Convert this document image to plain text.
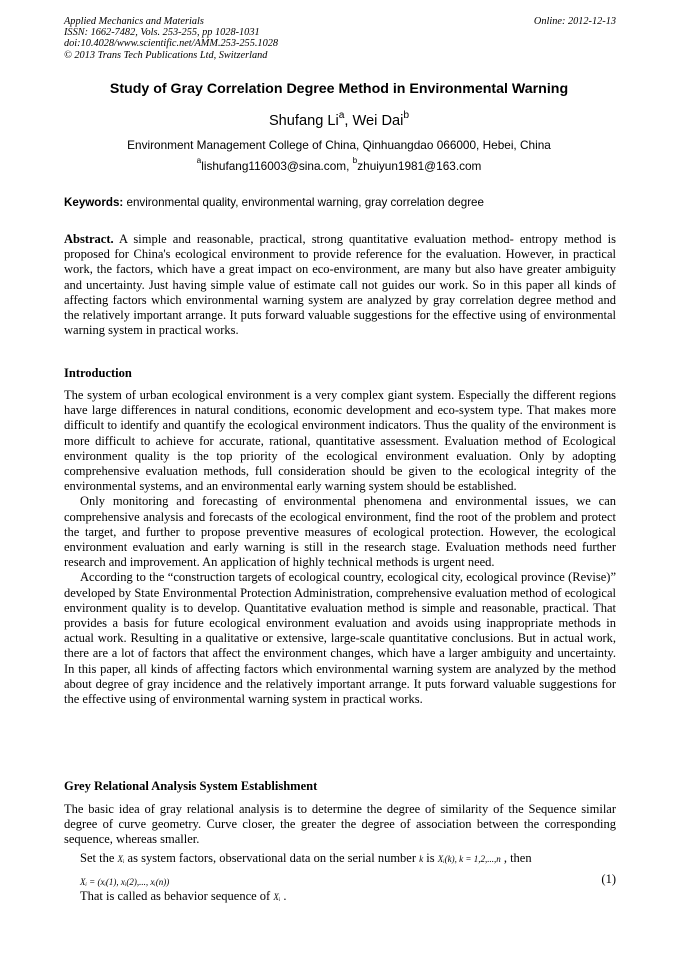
Applied Mechanics and Materials
ISSN: 1662-7482, Vols. 253-255, pp 1028-1031
doi:10.4028/www.scientific.net/AMM.253-255.1028
© 2013 Trans Tech Publications Ltd, Switzerland
Online: 2012-12-13
Study of Gray Correlation Degree Method in Environmental Warning
Shufang Li$^a$, Wei Dai$^b$
Environment Management College of China, Qinhuangdao 066000, Hebei, China
$^a$lishufang116003@sina.com, $^b$zhuiyun1981@163.com
Keywords: environmental quality, environmental warning, gray correlation degree
Abstract. A simple and reasonable, practical, strong quantitative evaluation method- entropy method is proposed for China's ecological environment to provide reference for the evaluation. However, in practical work, the factors, which have a great impact on eco-environment, are many but also have greater ambiguity and uncertainty. Just having simple value of estimate call not guides our work. So in this paper all kinds of affecting factors which environmental warning system are analyzed by gray correlation degree method and the relatively important arrange. It puts forward valuable suggestions for the effective using of environmental warning system in practical works.
Introduction

The system of urban ecological environment is a very complex giant system. Especially the different regions have large differences in natural conditions, economic development and eco-system type. That makes more difficult to identify and quantify the ecological environment indicators. Thus the quality of the environment is more difficult to achieve for accurate, rational, quantitative assessment. Evaluation method of Ecological environment quality is the top priority of the ecological environment evaluation. Only by adopting comprehensive evaluation methods, full consideration should be given to the ecological integrity of the environmental systems, and an environmental early warning system should be established.

Only monitoring and forecasting of environmental phenomena and environmental issues, we can comprehensive analysis and forecasts of the ecological environment, find the root of the problem and protect the target, and further to propose preventive measures of ecological protection. However, the ecological environment evaluation and early warning is still in the research stage. Evaluation methods need further research and improvement. An application of highly technical methods is urgent need.

According to the “construction targets of ecological country, ecological city, ecological province (Revise)” developed by State Environmental Protection Administration, comprehensive evaluation method of ecological environment quality is to develop. Quantitative evaluation method is simple and reasonable, practical. That provides a basis for future ecological environment evaluation and avoids using inappropriate methods in actual work. Resulting in a qualitative or extensive, large-scale quantitative conclusions. But in actual work, there are a lot of factors that affect the environment changes, which have a larger ambiguity and uncertainty. In this paper, all kinds of affecting factors which environmental warning system are analyzed by the method about degree of gray incidence and the relatively important arrange. It puts forward valuable suggestions for the effective using of environmental warning system in practical works.

Grey Relational Analysis System Establishment

The basic idea of gray relational analysis is to determine the degree of similarity of the Sequence similar degree of curve geometry. Curve closer, the greater the degree of association between the corresponding sequence, whereas smaller.

Set the Xᵢ as system factors, observational data on the serial number k is Xᵢ(k), k = 1,2,...,n , then
Xᵢ = (xᵢ(1), xᵢ(2),..., xᵢ(n))	(1)
That is called as behavior sequence of Xᵢ .
